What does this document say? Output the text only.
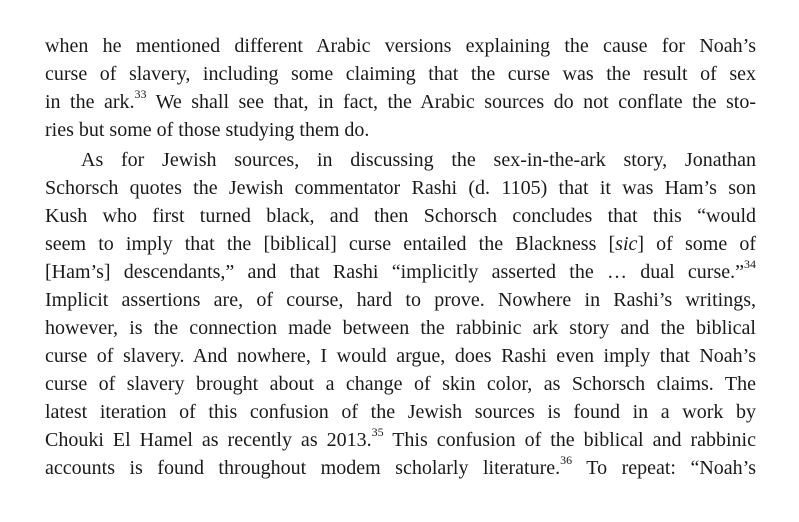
when he mentioned different Arabic versions explaining the cause for Noah’s
curse of slavery, including some claiming that the curse was the result of sex
in the ark.$^{33}$ We shall see that, in fact, the Arabic sources do not conflate the sto-
ries but some of those studying them do.
As for Jewish sources, in discussing the sex-in-the-ark story, Jonathan
Schorsch quotes the Jewish commentator Rashi (d. 1105) that it was Ham’s son
Kush who first turned black, and then Schorsch concludes that this “would
seem to imply that the [biblical] curse entailed the Blackness [sic] of some of
[Ham’s] descendants,” and that Rashi “implicitly asserted the … dual curse.”$^{34}$
Implicit assertions are, of course, hard to prove. Nowhere in Rashi’s writings,
however, is the connection made between the rabbinic ark story and the biblical
curse of slavery. And nowhere, I would argue, does Rashi even imply that Noah’s
curse of slavery brought about a change of skin color, as Schorsch claims. The
latest iteration of this confusion of the Jewish sources is found in a work by
Chouki El Hamel as recently as 2013.35 This confusion of the biblical and rabbinic
accounts is found throughout modem scholarly literature.$^{36}$ To repeat: “Noah’s
